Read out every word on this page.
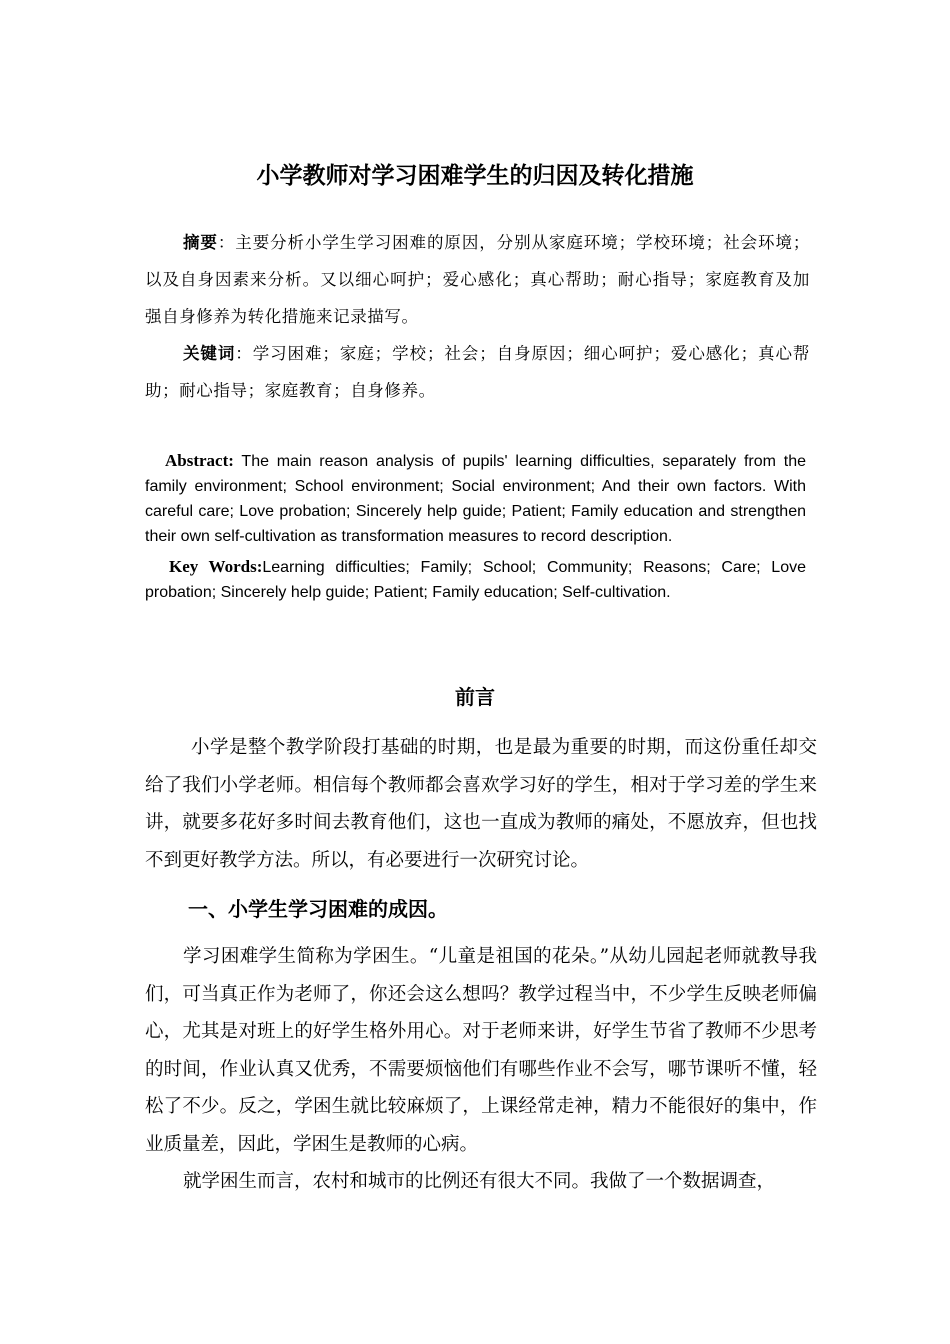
小学教师对学习困难学生的归因及转化措施

摘要：主要分析小学生学习困难的原因，分别从家庭环境；学校环境；社会环境；以及自身因素来分析。又以细心呵护；爱心感化；真心帮助；耐心指导；家庭教育及加强自身修养为转化措施来记录描写。

关键词：学习困难；家庭；学校；社会；自身原因；细心呵护；爱心感化；真心帮助；耐心指导；家庭教育；自身修养。

Abstract: The main reason analysis of pupils' learning difficulties, separately from the family environment; School environment; Social environment; And their own factors. With careful care; Love probation; Sincerely help guide; Patient; Family education and strengthen their own self-cultivation as transformation measures to record description.

Key Words:Learning difficulties; Family; School; Community; Reasons; Care; Love probation; Sincerely help guide; Patient; Family education; Self-cultivation.

前言

小学是整个教学阶段打基础的时期，也是最为重要的时期，而这份重任却交给了我们小学老师。相信每个教师都会喜欢学习好的学生，相对于学习差的学生来讲，就要多花好多时间去教育他们，这也一直成为教师的痛处，不愿放弃，但也找不到更好教学方法。所以，有必要进行一次研究讨论。

一、小学生学习困难的成因。

学习困难学生简称为学困生。“儿童是祖国的花朵。”从幼儿园起老师就教导我们，可当真正作为老师了，你还会这么想吗？教学过程当中，不少学生反映老师偏心，尤其是对班上的好学生格外用心。对于老师来讲，好学生节省了教师不少思考的时间，作业认真又优秀，不需要烦恼他们有哪些作业不会写，哪节课听不懂，轻松了不少。反之，学困生就比较麻烦了，上课经常走神，精力不能很好的集中，作业质量差，因此，学困生是教师的心病。

就学困生而言，农村和城市的比例还有很大不同。我做了一个数据调查，
